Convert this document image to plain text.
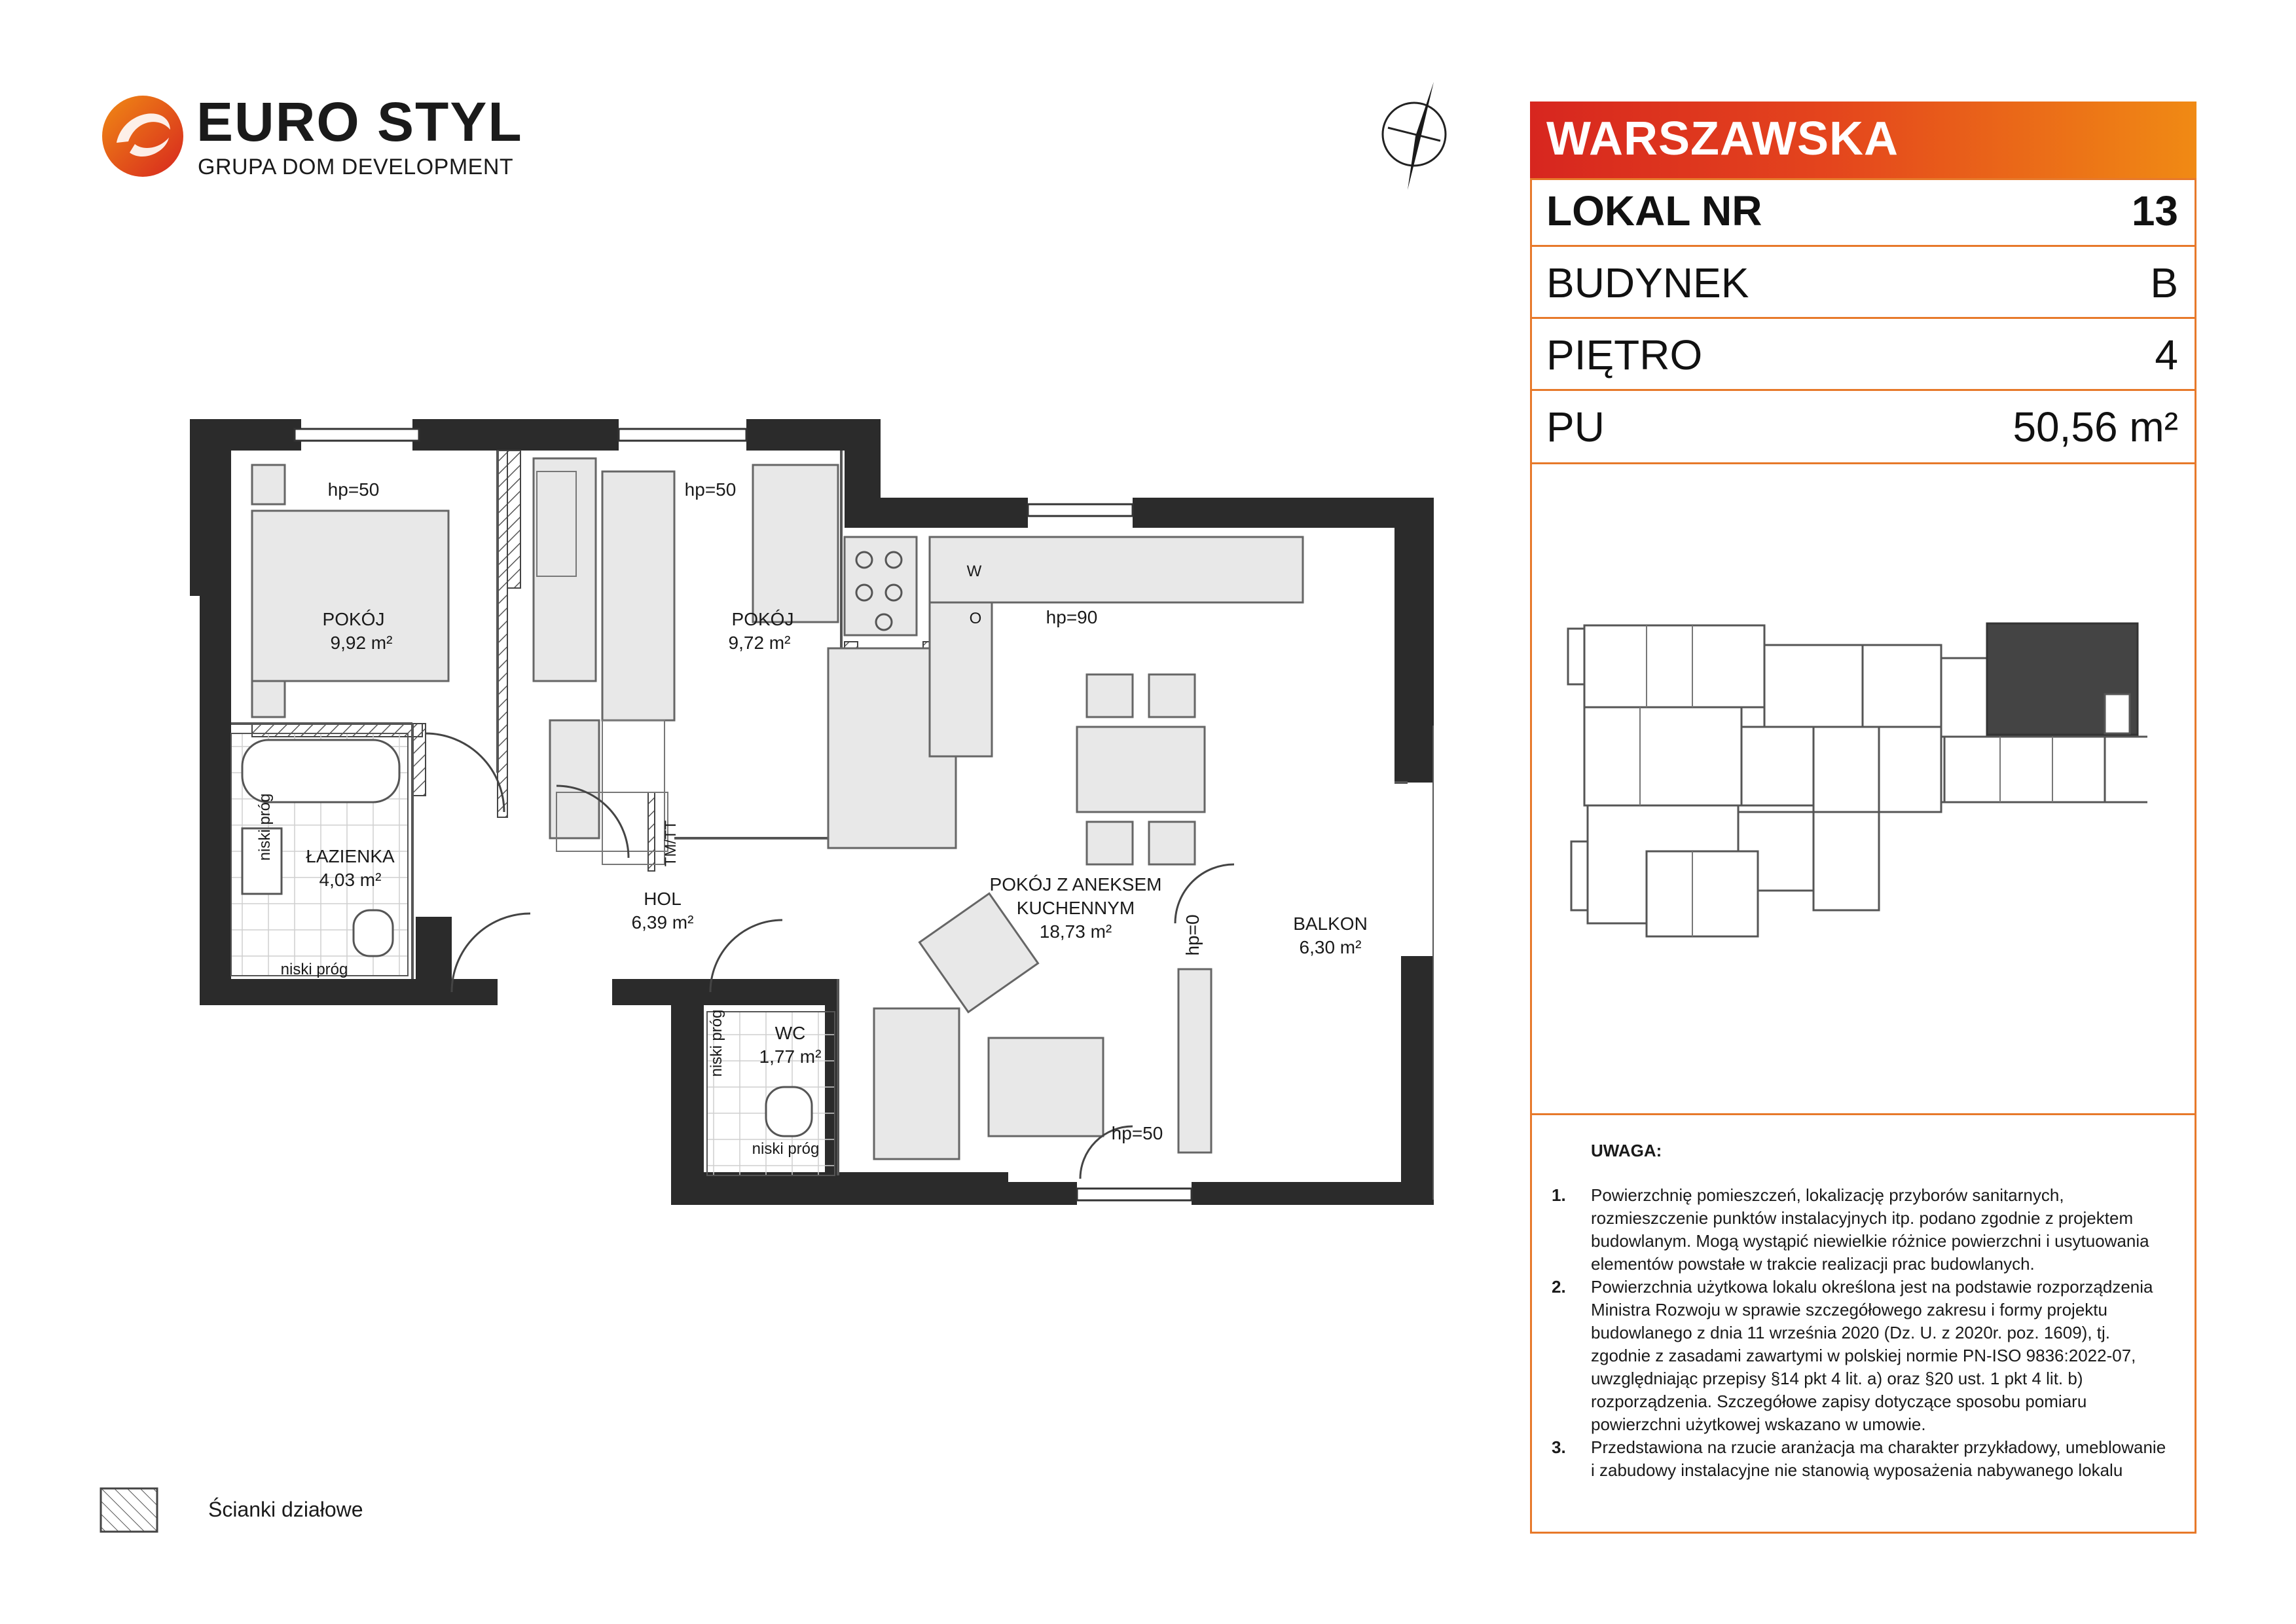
EURO STYL
GRUPA DOM DEVELOPMENT
POKÓJ
9,92 m²
POKÓJ
9,72 m²
ŁAZIENKA
4,03 m²
HOL
6,39 m²
POKÓJ Z ANEKSEM
KUCHENNYM
18,73 m²
WC
1,77 m²
BALKON
6,30 m²
hp=50	hp=50
hp=90
hp=50
hp=0
TM/TT
niski próg
niski próg
niski próg
niski próg
W
O
WARSZAWSKA
LOKAL NR	13
BUDYNEK	B
PIĘTRO	4
PU	50,56 m²
UWAGA:
1. Powierzchnię pomieszczeń, lokalizację przyborów sanitarnych, rozmieszczenie punktów instalacyjnych itp. podano zgodnie z projektem budowlanym. Mogą wystąpić niewielkie różnice powierzchni i usytuowania elementów powstałe w trakcie realizacji prac budowlanych.
2. Powierzchnia użytkowa lokalu określona jest na podstawie rozporządzenia Ministra Rozwoju w sprawie szczegółowego zakresu i formy projektu budowlanego z dnia 11 września 2020 (Dz. U. z 2020r. poz. 1609), tj. zgodnie z zasadami zawartymi w polskiej normie PN-ISO 9836:2022-07, uwzględniając przepisy §14 pkt 4 lit. a) oraz §20 ust. 1 pkt 4 lit. b) rozporządzenia. Szczegółowe zapisy dotyczące sposobu pomiaru powierzchni użytkowej wskazano w umowie.
3. Przedstawiona na rzucie aranżacja ma charakter przykładowy, umeblowanie i zabudowy instalacyjne nie stanowią wyposażenia nabywanego lokalu
Ścianki działowe
